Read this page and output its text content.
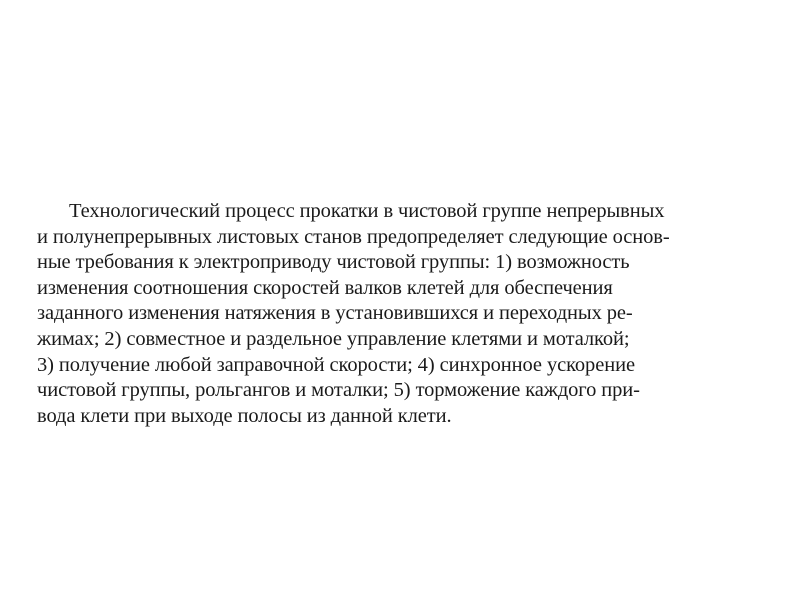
Технологический процесс прокатки в чистовой группе непрерывных
и полунепрерывных листовых станов предопределяет следующие основ-
ные требования к электроприводу чистовой группы: 1) возможность
изменения соотношения скоростей валков клетей для обеспечения
заданного изменения натяжения в установившихся и переходных ре-
жимах; 2) совместное и раздельное управление клетями и моталкой;
3) получение любой заправочной скорости; 4) синхронное ускорение
чистовой группы, рольгангов и моталки; 5) торможение каждого при-
вода клети при выходе полосы из данной клети.
